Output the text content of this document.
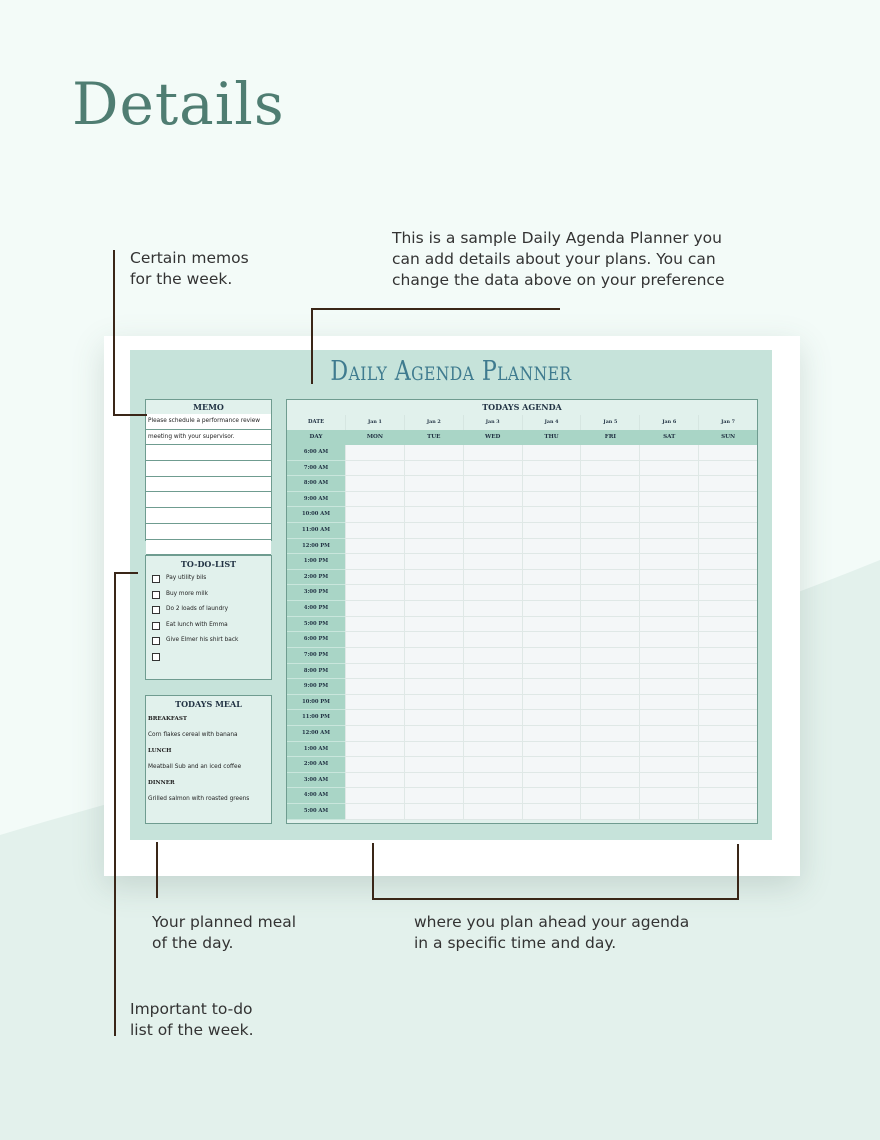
Details
Certain memos
for the week.
This is a sample Daily Agenda Planner you
can add details about your plans. You can
change the data above on your preference
Your planned meal
of the day.
where you plan ahead your agenda
in a specific time and day.
Important to-do
list of the week.
Daily Agenda Planner
MEMO
Please schedule a performance review
meeting with your supervisor.
TO-DO-LIST
Pay utility bils
Buy more milk
Do 2 loads of laundry
Eat lunch with Emma
Give Elmer his shirt back
TODAYS MEAL
BREAKFAST
Corn flakes cereal with banana
LUNCH
Meatball Sub and an iced coffee
DINNER
Grilled salmon with roasted greens
TODAYS AGENDA
DATE	Jan 1	Jan 2	Jan 3	Jan 4	Jan 5	Jan 6	Jan 7
DAY	MON	TUE	WED	THU	FRI	SAT	SUN
6:00 AM
7:00 AM
8:00 AM
9:00 AM
10:00 AM
11:00 AM
12:00 PM
1:00 PM
2:00 PM
3:00 PM
4:00 PM
5:00 PM
6:00 PM
7:00 PM
8:00 PM
9:00 PM
10:00 PM
11:00 PM
12:00 AM
1:00 AM
2:00 AM
3:00 AM
4:00 AM
5:00 AM
